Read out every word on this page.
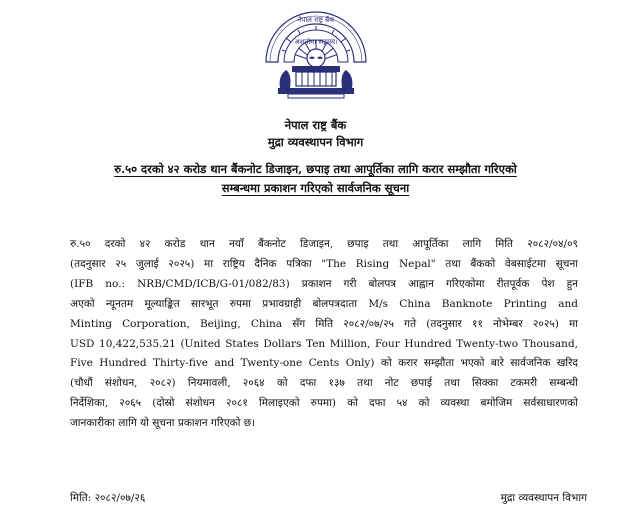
नेपाल राष्ट्र बैंक
अशतोमा सद्गमय।
नेपाल राष्ट्र बैंक
मुद्रा व्यवस्थापन विभाग
रु.५० दरको ४२ करोड थान बैंकनोट डिजाइन, छपाइ तथा आपूर्तिका लागि करार सम्झौता गरिएको
सम्बन्धमा प्रकाशन गरिएको सार्वजनिक सूचना
रु.५० दरको ४२ करोड थान नयाँ बैंकनोट डिजाइन, छपाइ तथा आपूर्तिका लागि मिति २०८२/०४/०९
(तदनुसार २५ जुलाई २०२५) मा राष्ट्रिय दैनिक पत्रिका "The Rising Nepal" तथा बैंकको वेबसाईटमा सूचना
(IFB no.: NRB/CMD/ICB/G-01/082/83) प्रकाशन गरी बोलपत्र आह्वान गरिएकोमा रीतपूर्वक पेश हुन
अएको न्यूनतम मूल्याङ्कित सारभूत रुपमा प्रभावग्राही बोलपत्रदाता M/s China Banknote Printing and
Minting Corporation, Beijing, China सँग मिति २०८२/०७/२५ गते (तदनुसार ११ नोभेम्बर २०२५) मा
USD 10,422,535.21 (United States Dollars Ten Million, Four Hundred Twenty-two Thousand,
Five Hundred Thirty-five and Twenty-one Cents Only) को करार सम्झौता भएको बारे सार्वजनिक खरिद
(चौधौं संशोधन, २०८२) नियमावली, २०६४ को दफा १३७ तथा नोट छपाई तथा सिक्का टकमरी सम्बन्धी
निर्देशिका, २०६५ (दोस्रो संशोधन २०८१ मिलाइएको रुपमा) को दफा ५४ को व्यवस्था बमोजिम सर्वसाधारणको
जानकारीका लागि यो सूचना प्रकाशन गरिएको छ।
मिति: २०८२/०७/२६	मुद्रा व्यवस्थापन विभाग
